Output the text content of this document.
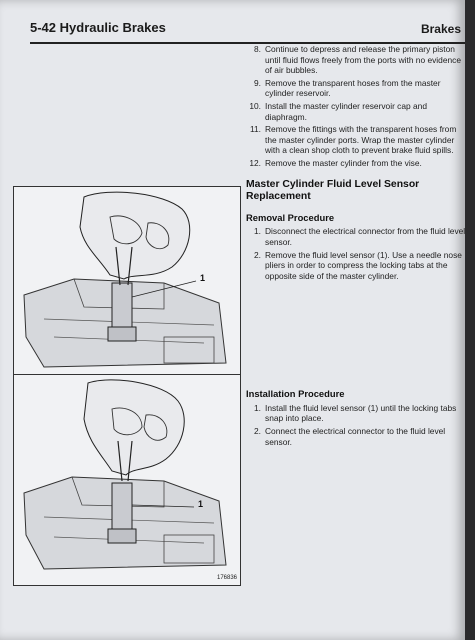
5-42 Hydraulic Brakes	Brakes
1
1
176836
8. Continue to depress and release the primary piston until fluid flows freely from the ports with no evidence of air bubbles.
9. Remove the transparent hoses from the master cylinder reservoir.
10. Install the master cylinder reservoir cap and diaphragm.
11. Remove the fittings with the transparent hoses from the master cylinder ports. Wrap the master cylinder with a clean shop cloth to prevent brake fluid spills.
12. Remove the master cylinder from the vise.
Master Cylinder Fluid Level Sensor Replacement
Removal Procedure
1. Disconnect the electrical connector from the fluid level sensor.
2. Remove the fluid level sensor (1). Use a needle nose pliers in order to compress the locking tabs at the opposite side of the master cylinder.
Installation Procedure
1. Install the fluid level sensor (1) until the locking tabs snap into place.
2. Connect the electrical connector to the fluid level sensor.
